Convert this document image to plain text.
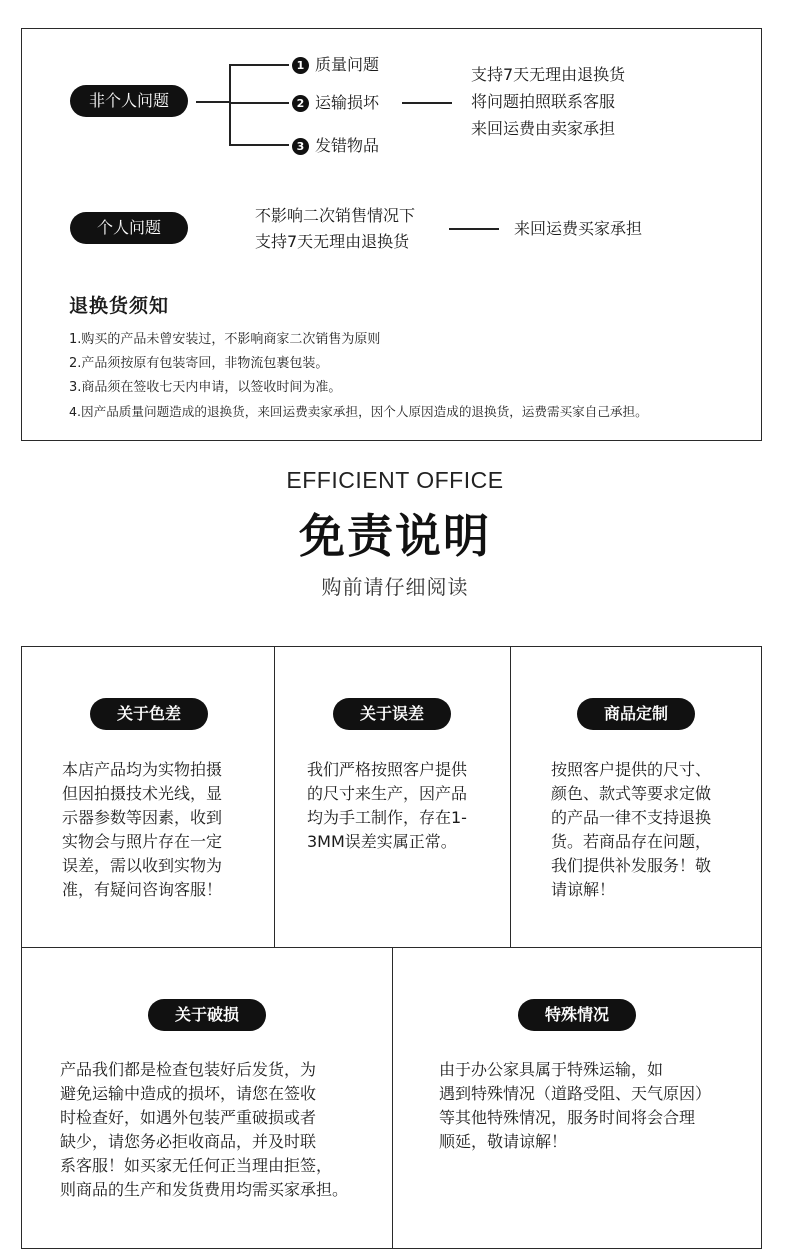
非个人问题
1 质量问题
2 运输损坏
3 发错物品
支持7天无理由退换货
将问题拍照联系客服
来回运费由卖家承担
个人问题
不影响二次销售情况下
支持7天无理由退换货
来回运费买家承担
退换货须知
1.购买的产品未曾安装过，不影响商家二次销售为原则
2.产品须按原有包装寄回，非物流包裹包装。
3.商品须在签收七天内申请，以签收时间为准。
4.因产品质量问题造成的退换货，来回运费卖家承担，因个人原因造成的退换货，运费需买家自己承担。
EFFICIENT OFFICE
免责说明
购前请仔细阅读
关于色差
本店产品均为实物拍摄
但因拍摄技术光线，显
示器参数等因素，收到
实物会与照片存在一定
误差，需以收到实物为
准，有疑问咨询客服！
关于误差
我们严格按照客户提供
的尺寸来生产，因产品
均为手工制作，存在1-
3MM误差实属正常。
商品定制
按照客户提供的尺寸、
颜色、款式等要求定做
的产品一律不支持退换
货。若商品存在问题，
我们提供补发服务！敬
请谅解！
关于破损
产品我们都是检查包装好后发货，为
避免运输中造成的损坏，请您在签收
时检查好，如遇外包装严重破损或者
缺少，请您务必拒收商品，并及时联
系客服！如买家无任何正当理由拒签，
则商品的生产和发货费用均需买家承担。
特殊情况
由于办公家具属于特殊运输，如
遇到特殊情况（道路受阻、天气原因）
等其他特殊情况，服务时间将会合理
顺延，敬请谅解！
